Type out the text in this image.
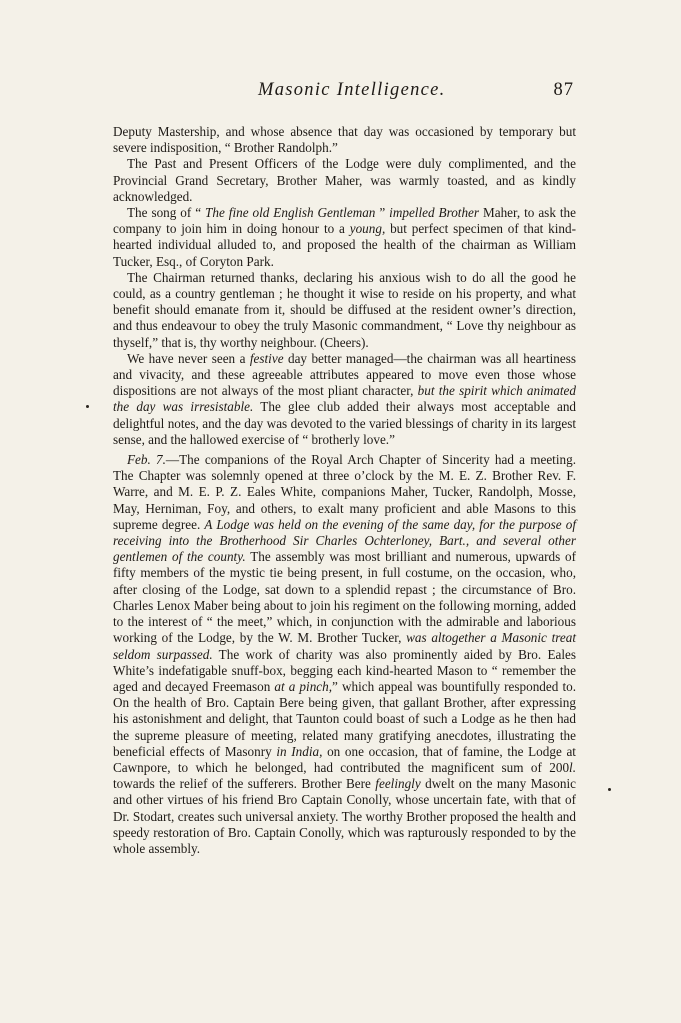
Masonic Intelligence.	87

Deputy Mastership, and whose absence that day was occasioned by temporary but severe indisposition, “ Brother Randolph.”

The Past and Present Officers of the Lodge were duly complimented, and the Provincial Grand Secretary, Brother Maher, was warmly toasted, and as kindly acknowledged.

The song of “ The fine old English Gentleman ” impelled Brother Maher, to ask the company to join him in doing honour to a young, but perfect specimen of that kind-hearted individual alluded to, and proposed the health of the chairman as William Tucker, Esq., of Coryton Park.

The Chairman returned thanks, declaring his anxious wish to do all the good he could, as a country gentleman ; he thought it wise to reside on his property, and what benefit should emanate from it, should be diffused at the resident owner’s direction, and thus endeavour to obey the truly Masonic commandment, “ Love thy neighbour as thyself,” that is, thy worthy neighbour. (Cheers).

We have never seen a festive day better managed—the chairman was all heartiness and vivacity, and these agreeable attributes appeared to move even those whose dispositions are not always of the most pliant character, but the spirit which animated the day was irresistable. The glee club added their always most acceptable and delightful notes, and the day was devoted to the varied blessings of charity in its largest sense, and the hallowed exercise of “ brotherly love.”

Feb. 7.—The companions of the Royal Arch Chapter of Sincerity had a meeting. The Chapter was solemnly opened at three o’clock by the M. E. Z. Brother Rev. F. Warre, and M. E. P. Z. Eales White, companions Maher, Tucker, Randolph, Mosse, May, Herniman, Foy, and others, to exalt many proficient and able Masons to this supreme degree. A Lodge was held on the evening of the same day, for the purpose of receiving into the Brotherhood Sir Charles Ochterloney, Bart., and several other gentlemen of the county. The assembly was most brilliant and numerous, upwards of fifty members of the mystic tie being present, in full costume, on the occasion, who, after closing of the Lodge, sat down to a splendid repast ; the circumstance of Bro. Charles Lenox Maber being about to join his regiment on the following morning, added to the interest of “ the meet,” which, in conjunction with the admirable and laborious working of the Lodge, by the W. M. Brother Tucker, was altogether a Masonic treat seldom surpassed. The work of charity was also prominently aided by Bro. Eales White’s indefatigable snuff-box, begging each kind-hearted Mason to “ remember the aged and decayed Freemason at a pinch,” which appeal was bountifully responded to. On the health of Bro. Captain Bere being given, that gallant Brother, after expressing his astonishment and delight, that Taunton could boast of such a Lodge as he then had the supreme pleasure of meeting, related many gratifying anecdotes, illustrating the beneficial effects of Masonry in India, on one occasion, that of famine, the Lodge at Cawnpore, to which he belonged, had contributed the magnificent sum of 200l. towards the relief of the sufferers. Brother Bere feelingly dwelt on the many Masonic and other virtues of his friend Bro Captain Conolly, whose uncertain fate, with that of Dr. Stodart, creates such universal anxiety. The worthy Brother proposed the health and speedy restoration of Bro. Captain Conolly, which was rapturously responded to by the whole assembly.
